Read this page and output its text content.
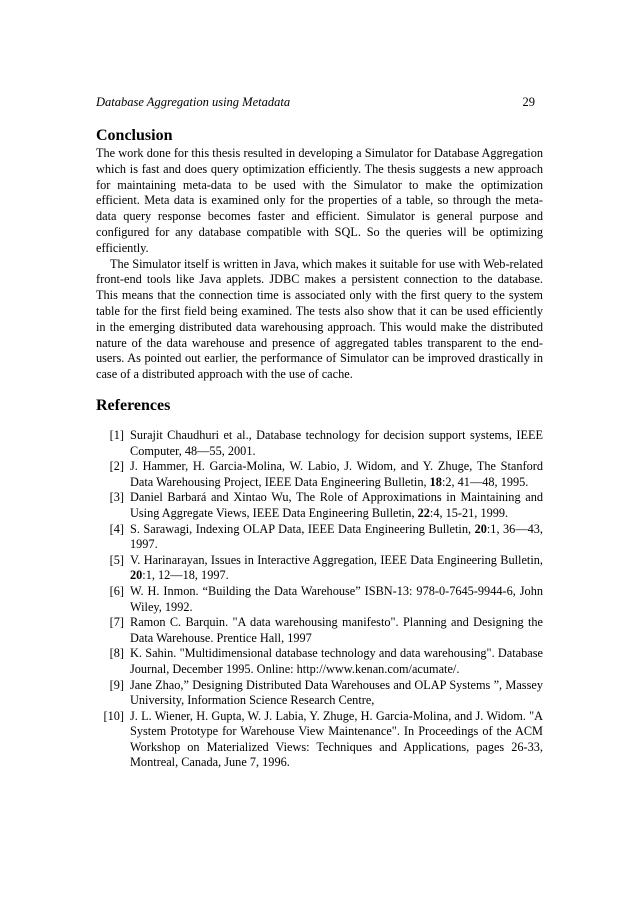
Database Aggregation using Metadata	29
Conclusion

The work done for this thesis resulted in developing a Simulator for Database Aggregation which is fast and does query optimization efficiently. The thesis suggests a new approach for maintaining meta-data to be used with the Simulator to make the optimization efficient. Meta data is examined only for the properties of a table, so through the meta-data query response becomes faster and efficient. Simulator is general purpose and configured for any database compatible with SQL. So the queries will be optimizing efficiently.

The Simulator itself is written in Java, which makes it suitable for use with Web-related front-end tools like Java applets. JDBC makes a persistent connection to the database. This means that the connection time is associated only with the first query to the system table for the first field being examined. The tests also show that it can be used efficiently in the emerging distributed data warehousing approach. This would make the distributed nature of the data warehouse and presence of aggregated tables transparent to the end-users. As pointed out earlier, the performance of Simulator can be improved drastically in case of a distributed approach with the use of cache.

References
[1] Surajit Chaudhuri et al., Database technology for decision support systems, IEEE Computer, 48—55, 2001.
[2] J. Hammer, H. Garcia-Molina, W. Labio, J. Widom, and Y. Zhuge, The Stanford Data Warehousing Project, IEEE Data Engineering Bulletin, 18:2, 41—48, 1995.
[3] Daniel Barbará and Xintao Wu, The Role of Approximations in Maintaining and Using Aggregate Views, IEEE Data Engineering Bulletin, 22:4, 15-21, 1999.
[4] S. Sarawagi, Indexing OLAP Data, IEEE Data Engineering Bulletin, 20:1, 36—43, 1997.
[5] V. Harinarayan, Issues in Interactive Aggregation, IEEE Data Engineering Bulletin, 20:1, 12—18, 1997.
[6] W. H. Inmon. “Building the Data Warehouse” ISBN-13: 978-0-7645-9944-6, John Wiley, 1992.
[7] Ramon C. Barquin. "A data warehousing manifesto". Planning and Designing the Data Warehouse. Prentice Hall, 1997
[8] K. Sahin. "Multidimensional database technology and data warehousing". Database Journal, December 1995. Online: http://www.kenan.com/acumate/.
[9] Jane Zhao,” Designing Distributed Data Warehouses and OLAP Systems ”, Massey University, Information Science Research Centre,
[10] J. L. Wiener, H. Gupta, W. J. Labia, Y. Zhuge, H. Garcia-Molina, and J. Widom. "A System Prototype for Warehouse View Maintenance". In Proceedings of the ACM Workshop on Materialized Views: Techniques and Applications, pages 26-33, Montreal, Canada, June 7, 1996.
